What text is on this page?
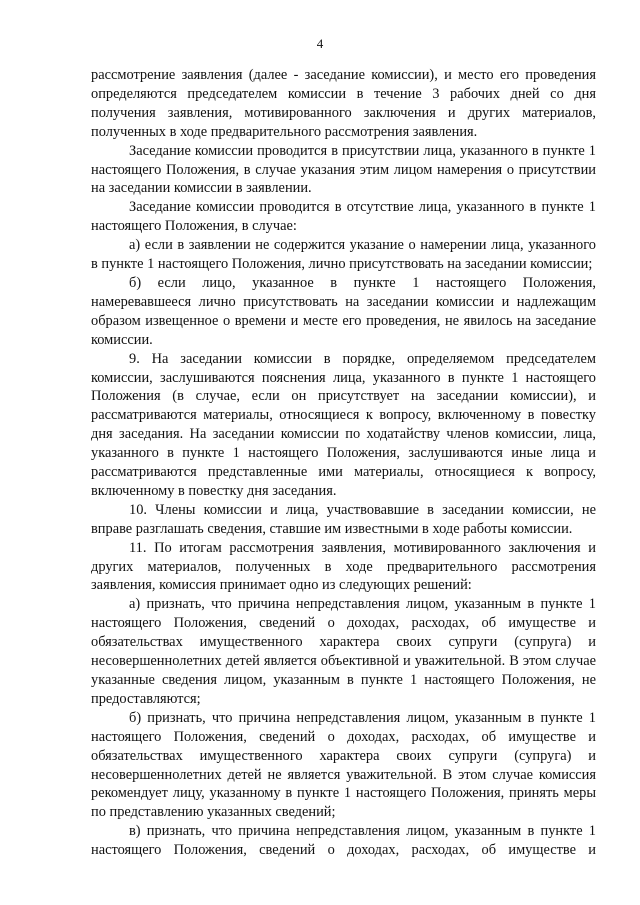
4

рассмотрение заявления (далее - заседание комиссии), и место его проведения определяются председателем комиссии в течение 3 рабочих дней со дня получения заявления, мотивированного заключения и других материалов, полученных в ходе предварительного рассмотрения заявления.

Заседание комиссии проводится в присутствии лица, указанного в пункте 1 настоящего Положения, в случае указания этим лицом намерения о присутствии на заседании комиссии в заявлении.

Заседание комиссии проводится в отсутствие лица, указанного в пункте 1 настоящего Положения, в случае:

а) если в заявлении не содержится указание о намерении лица, указанного в пункте 1 настоящего Положения, лично присутствовать на заседании комиссии;

б) если лицо, указанное в пункте 1 настоящего Положения, намеревавшееся лично присутствовать на заседании комиссии и надлежащим образом извещенное о времени и месте его проведения, не явилось на заседание комиссии.

9. На заседании комиссии в порядке, определяемом председателем комиссии, заслушиваются пояснения лица, указанного в пункте 1 настоящего Положения (в случае, если он присутствует на заседании комиссии), и рассматриваются материалы, относящиеся к вопросу, включенному в повестку дня заседания. На заседании комиссии по ходатайству членов комиссии, лица, указанного в пункте 1 настоящего Положения, заслушиваются иные лица и рассматриваются представленные ими материалы, относящиеся к вопросу, включенному в повестку дня заседания.

10. Члены комиссии и лица, участвовавшие в заседании комиссии, не вправе разглашать сведения, ставшие им известными в ходе работы комиссии.

11. По итогам рассмотрения заявления, мотивированного заключения и других материалов, полученных в ходе предварительного рассмотрения заявления, комиссия принимает одно из следующих решений:

а) признать, что причина непредставления лицом, указанным в пункте 1 настоящего Положения, сведений о доходах, расходах, об имуществе и обязательствах имущественного характера своих супруги (супруга) и несовершеннолетних детей является объективной и уважительной. В этом случае указанные сведения лицом, указанным в пункте 1 настоящего Положения, не предоставляются;

б) признать, что причина непредставления лицом, указанным в пункте 1 настоящего Положения, сведений о доходах, расходах, об имуществе и обязательствах имущественного характера своих супруги (супруга) и несовершеннолетних детей не является уважительной. В этом случае комиссия рекомендует лицу, указанному в пункте 1 настоящего Положения, принять меры по представлению указанных сведений;

в) признать, что причина непредставления лицом, указанным в пункте 1 настоящего Положения, сведений о доходах, расходах, об имуществе и
